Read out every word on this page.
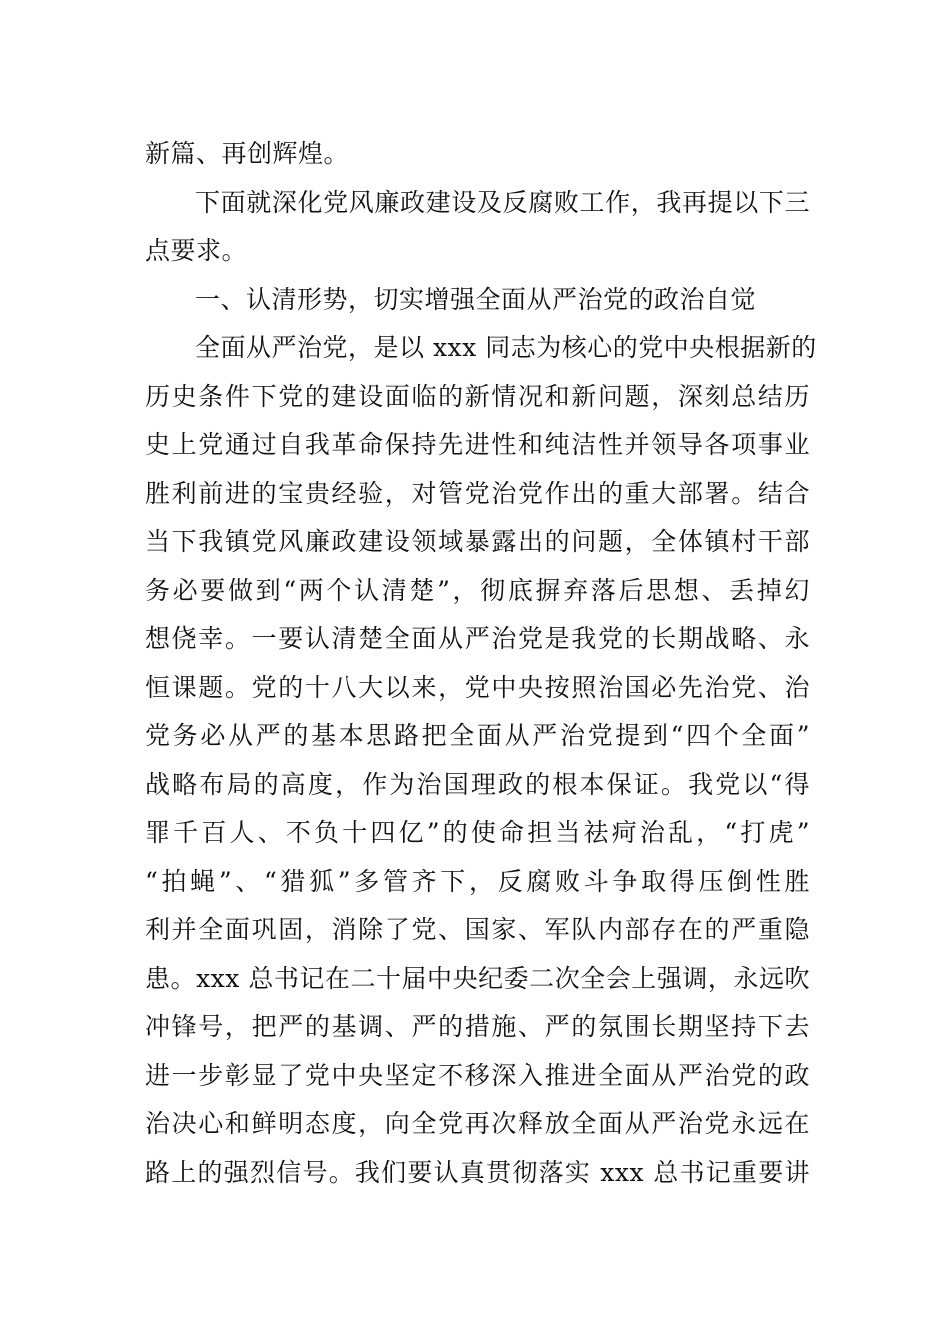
新篇、再创辉煌。
下面就深化党风廉政建设及反腐败工作，我再提以下三
点要求。
一、认清形势，切实增强全面从严治党的政治自觉
全面从严治党，是以 xxx 同志为核心的党中央根据新的
历史条件下党的建设面临的新情况和新问题，深刻总结历
史上党通过自我革命保持先进性和纯洁性并领导各项事业
胜利前进的宝贵经验，对管党治党作出的重大部署。结合
当下我镇党风廉政建设领域暴露出的问题，全体镇村干部
务必要做到“两个认清楚”，彻底摒弃落后思想、丢掉幻
想侥幸。一要认清楚全面从严治党是我党的长期战略、永
恒课题。党的十八大以来，党中央按照治国必先治党、治
党务必从严的基本思路把全面从严治党提到“四个全面”
战略布局的高度，作为治国理政的根本保证。我党以“得
罪千百人、不负十四亿”的使命担当祛疴治乱，“打虎”
“拍蝇”、“猎狐”多管齐下，反腐败斗争取得压倒性胜
利并全面巩固，消除了党、国家、军队内部存在的严重隐
患。xxx 总书记在二十届中央纪委二次全会上强调，永远吹
冲锋号，把严的基调、严的措施、严的氛围长期坚持下去
进一步彰显了党中央坚定不移深入推进全面从严治党的政
治决心和鲜明态度，向全党再次释放全面从严治党永远在
路上的强烈信号。我们要认真贯彻落实 xxx 总书记重要讲
